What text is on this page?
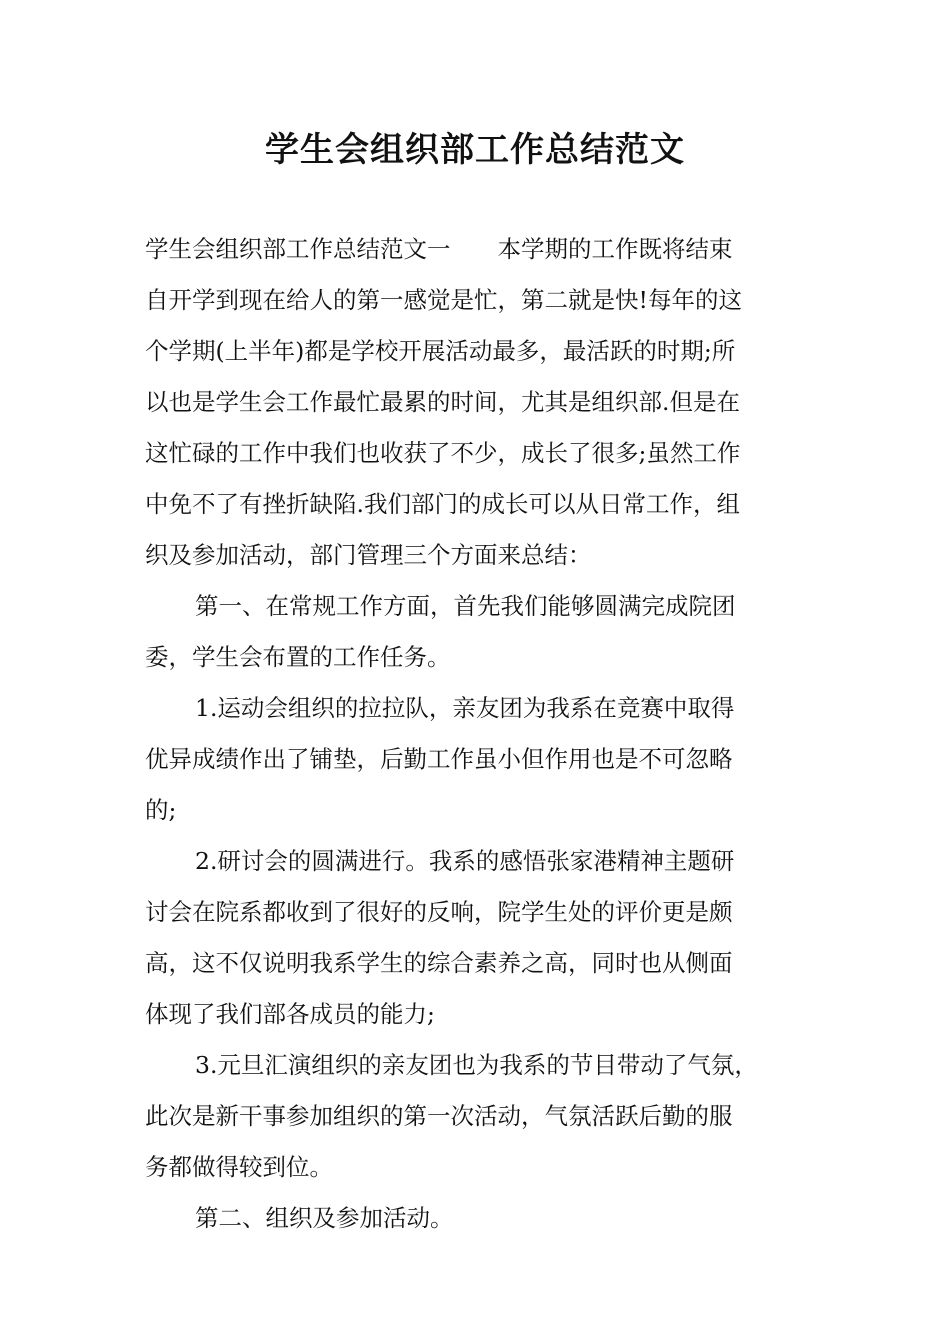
学生会组织部工作总结范文
学生会组织部工作总结范文一　　本学期的工作既将结束
自开学到现在给人的第一感觉是忙，第二就是快!每年的这
个学期(上半年)都是学校开展活动最多，最活跃的时期;所
以也是学生会工作最忙最累的时间，尤其是组织部.但是在
这忙碌的工作中我们也收获了不少，成长了很多;虽然工作
中免不了有挫折缺陷.我们部门的成长可以从日常工作，组
织及参加活动，部门管理三个方面来总结：
第一、在常规工作方面，首先我们能够圆满完成院团
委，学生会布置的工作任务。
1.运动会组织的拉拉队，亲友团为我系在竞赛中取得
优异成绩作出了铺垫，后勤工作虽小但作用也是不可忽略
的;
2.研讨会的圆满进行。我系的感悟张家港精神主题研
讨会在院系都收到了很好的反响，院学生处的评价更是颇
高，这不仅说明我系学生的综合素养之高，同时也从侧面
体现了我们部各成员的能力;
3.元旦汇演组织的亲友团也为我系的节目带动了气氛，
此次是新干事参加组织的第一次活动，气氛活跃后勤的服
务都做得较到位。
第二、组织及参加活动。
